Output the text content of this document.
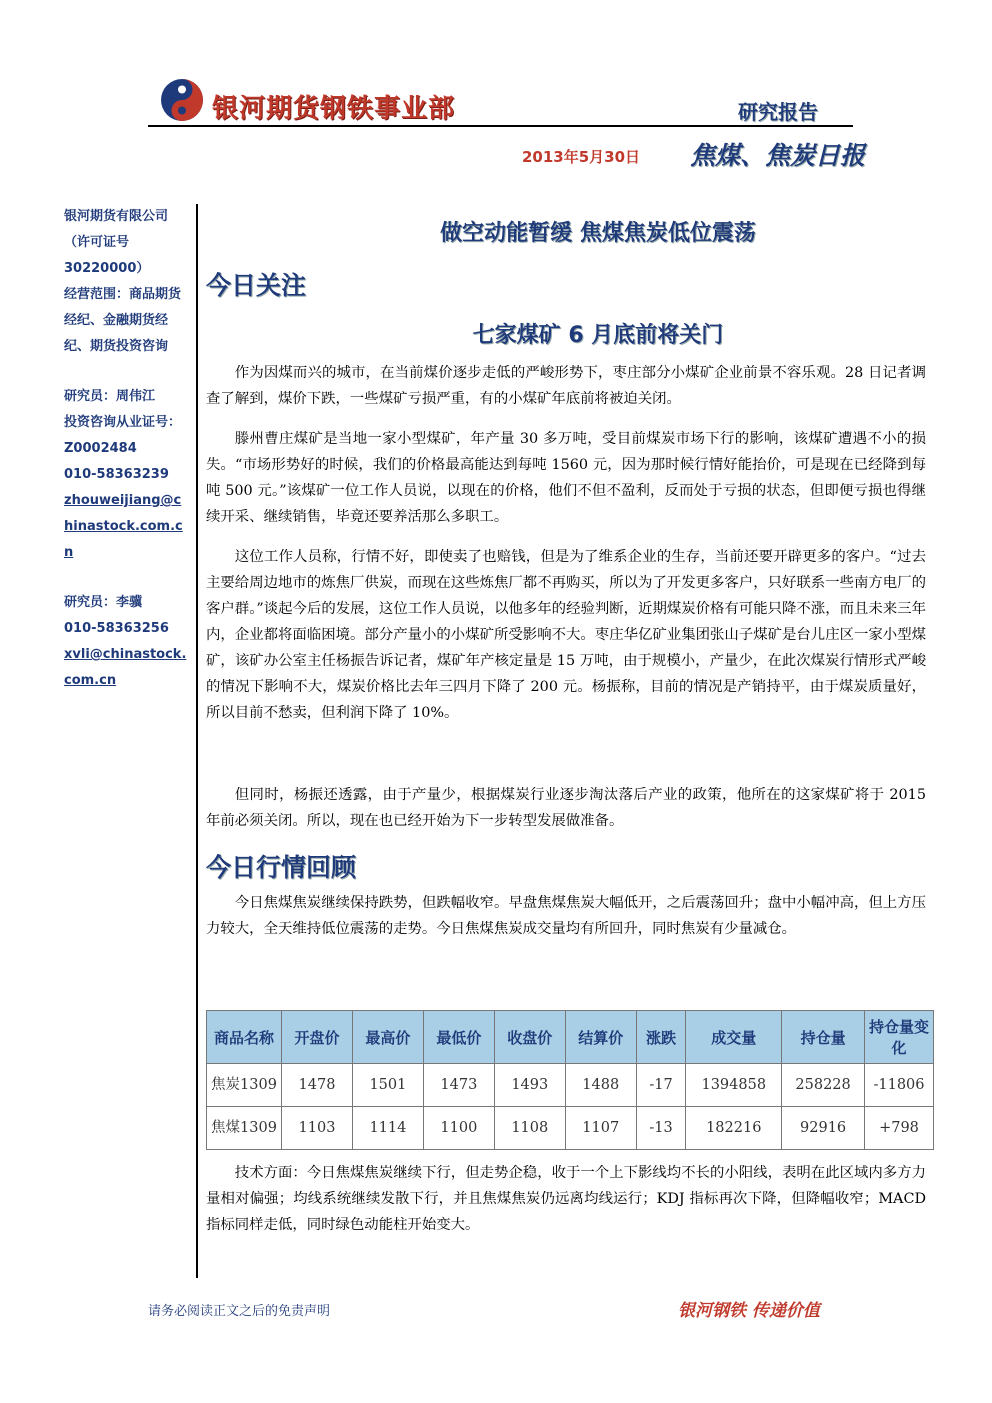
银河期货钢铁事业部	研究报告
2013年5月30日 焦煤、焦炭日报
银河期货有限公司
（许可证号
30220000）
经营范围：商品期货经纪、金融期货经纪、期货投资咨询
研究员：周伟江
投资咨询从业证号：
Z0002484
010-58363239
zhouweijiang@chinastock.com.cn
研究员：李骥
010-58363256
xvli@chinastock.com.cn
做空动能暂缓 焦煤焦炭低位震荡
今日关注
七家煤矿 6 月底前将关门
作为因煤而兴的城市，在当前煤价逐步走低的严峻形势下，枣庄部分小煤矿企业前景不容乐观。28 日记者调查了解到，煤价下跌，一些煤矿亏损严重，有的小煤矿年底前将被迫关闭。
滕州曹庄煤矿是当地一家小型煤矿，年产量 30 多万吨，受目前煤炭市场下行的影响，该煤矿遭遇不小的损失。“市场形势好的时候，我们的价格最高能达到每吨 1560 元，因为那时候行情好能抬价，可是现在已经降到每吨 500 元。”该煤矿一位工作人员说，以现在的价格，他们不但不盈利，反而处于亏损的状态，但即便亏损也得继续开采、继续销售，毕竟还要养活那么多职工。
这位工作人员称，行情不好，即使卖了也赔钱，但是为了维系企业的生存，当前还要开辟更多的客户。“过去主要给周边地市的炼焦厂供炭，而现在这些炼焦厂都不再购买，所以为了开发更多客户，只好联系一些南方电厂的客户群。”谈起今后的发展，这位工作人员说，以他多年的经验判断，近期煤炭价格有可能只降不涨，而且未来三年内，企业都将面临困境。部分产量小的小煤矿所受影响不大。枣庄华亿矿业集团张山子煤矿是台儿庄区一家小型煤矿，该矿办公室主任杨振告诉记者，煤矿年产核定量是 15 万吨，由于规模小，产量少，在此次煤炭行情形式严峻的情况下影响不大，煤炭价格比去年三四月下降了 200 元。杨振称，目前的情况是产销持平，由于煤炭质量好，所以目前不愁卖，但利润下降了 10%。
但同时，杨振还透露，由于产量少，根据煤炭行业逐步淘汰落后产业的政策，他所在的这家煤矿将于 2015 年前必须关闭。所以，现在也已经开始为下一步转型发展做准备。
今日行情回顾
今日焦煤焦炭继续保持跌势，但跌幅收窄。早盘焦煤焦炭大幅低开，之后震荡回升；盘中小幅冲高，但上方压力较大，全天维持低位震荡的走势。今日焦煤焦炭成交量均有所回升，同时焦炭有少量减仓。
商品名称	开盘价	最高价	最低价	收盘价	结算价	涨跌	成交量	持仓量	持仓量变化
焦炭1309	1478	1501	1473	1493	1488	-17	1394858	258228	-11806
焦煤1309	1103	1114	1100	1108	1107	-13	182216	92916	+798
技术方面：今日焦煤焦炭继续下行，但走势企稳，收于一个上下影线均不长的小阳线，表明在此区域内多方力量相对偏强；均线系统继续发散下行，并且焦煤焦炭仍远离均线运行；KDJ 指标再次下降，但降幅收窄；MACD 指标同样走低，同时绿色动能柱开始变大。
请务必阅读正文之后的免责声明	银河钢铁 传递价值
